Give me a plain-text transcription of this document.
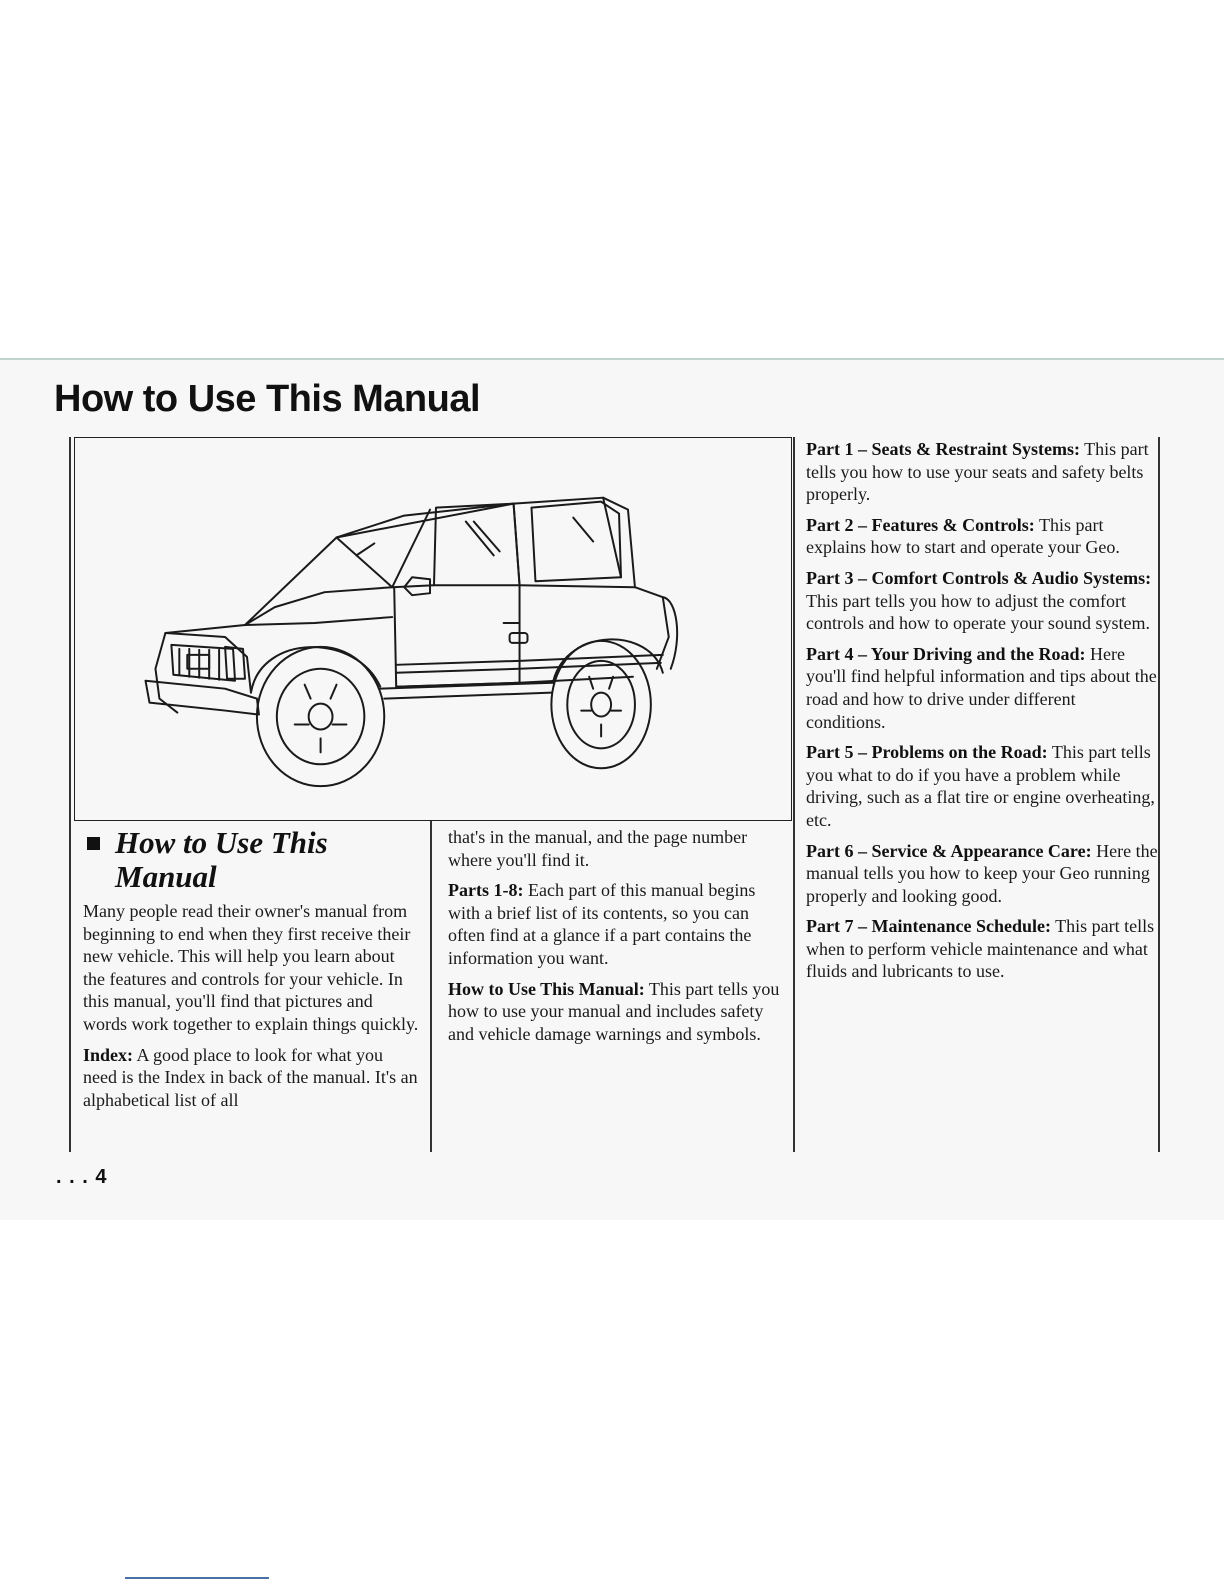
How to Use This Manual
How to Use This Manual

Many people read their owner's manual from beginning to end when they first receive their new vehicle. This will help you learn about the features and controls for your vehicle. In this manual, you'll find that pictures and words work together to explain things quickly.

Index: A good place to look for what you need is the Index in back of the manual. It's an alphabetical list of all

that's in the manual, and the page number where you'll find it.

Parts 1-8: Each part of this manual begins with a brief list of its contents, so you can often find at a glance if a part contains the information you want.

How to Use This Manual: This part tells you how to use your manual and includes safety and vehicle damage warnings and symbols.

Part 1 – Seats & Restraint Systems: This part tells you how to use your seats and safety belts properly.

Part 2 – Features & Controls: This part explains how to start and operate your Geo.

Part 3 – Comfort Controls & Audio Systems: This part tells you how to adjust the comfort controls and how to operate your sound system.

Part 4 – Your Driving and the Road: Here you'll find helpful information and tips about the road and how to drive under different conditions.

Part 5 – Problems on the Road: This part tells you what to do if you have a problem while driving, such as a flat tire or engine overheating, etc.

Part 6 – Service & Appearance Care: Here the manual tells you how to keep your Geo running properly and looking good.

Part 7 – Maintenance Schedule: This part tells when to perform vehicle maintenance and what fluids and lubricants to use.

. . . 4
